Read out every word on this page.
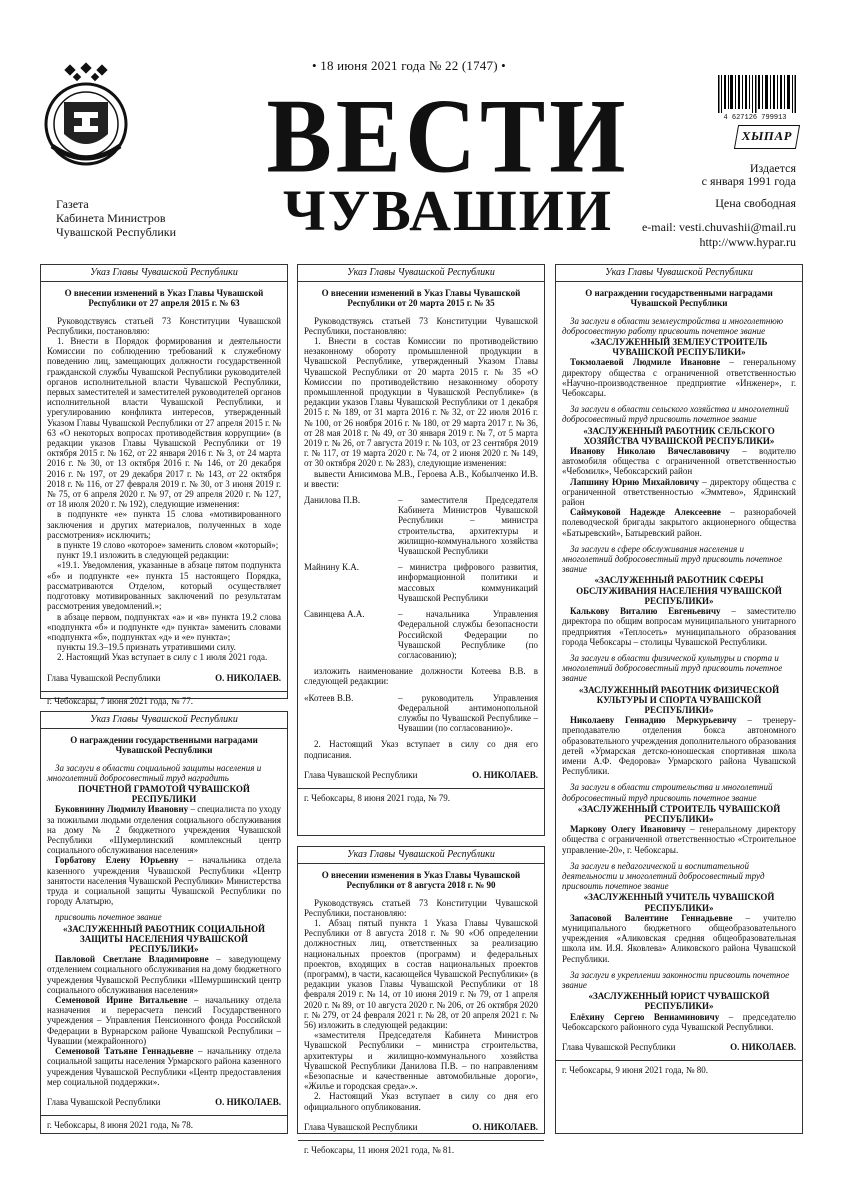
• 18 июня 2021 года № 22 (1747) •
ВЕСТИ
ЧУВАШИИ
Газета
Кабинета Министров
Чувашской Республики
4 627126 799913
ХЫПАР
Издается
с января 1991 года
Цена свободная
e-mail: vesti.chuvashii@mail.ru
http://www.hypar.ru
Указ Главы Чувашской Республики
О внесении изменений в Указ Главы Чувашской Республики от 27 апреля 2015 г. № 63

Руководствуясь статьей 73 Конституции Чувашской Республики, постановляю:

1. Внести в Порядок формирования и деятельности Комиссии по соблюдению требований к служебному поведению лиц, замещающих должности государственной гражданской службы Чувашской Республики руководителей органов исполнительной власти Чувашской Республики, первых заместителей и заместителей руководителей органов исполнительной власти Чувашской Республики, и урегулированию конфликта интересов, утвержденный Указом Главы Чувашской Республики от 27 апреля 2015 г. № 63 «О некоторых вопросах противодействия коррупции» (в редакции указов Главы Чувашской Республики от 19 октября 2015 г. № 162, от 22 января 2016 г. № 3, от 24 марта 2016 г. № 30, от 13 октября 2016 г. № 146, от 20 декабря 2016 г. № 197, от 29 декабря 2017 г. № 143, от 22 октября 2018 г. № 116, от 27 февраля 2019 г. № 30, от 3 июня 2019 г. № 75, от 6 апреля 2020 г. № 97, от 29 апреля 2020 г. № 127, от 18 июля 2020 г. № 192), следующие изменения:

в подпункте «е» пункта 15 слова «мотивированного заключения и других материалов, полученных в ходе рассмотрения» исключить;

в пункте 19 слово «которое» заменить словом «который»;

пункт 19.1 изложить в следующей редакции:

«19.1. Уведомления, указанные в абзаце пятом подпункта «б» и подпункте «е» пункта 15 настоящего Порядка, рассматриваются Отделом, который осуществляет подготовку мотивированных заключений по результатам рассмотрения уведомлений.»;

в абзаце первом, подпунктах «а» и «в» пункта 19.2 слова «подпункта «б» и подпункте «д» пункта» заменить словами «подпункта «б», подпунктах «д» и «е» пункта»;

пункты 19.3–19.5 признать утратившими силу.

2. Настоящий Указ вступает в силу с 1 июля 2021 года.

Глава Чувашской Республики	О. НИКОЛАЕВ.
г. Чебоксары, 7 июня 2021 года, № 77.
Указ Главы Чувашской Республики
О награждении государственными наградами Чувашской Республики

За заслуги в области социальной защиты населения и многолетний добросовестный труд наградить

ПОЧЕТНОЙ ГРАМОТОЙ ЧУВАШСКОЙ РЕСПУБЛИКИ

Буковнинну Людмилу Ивановну – специалиста по уходу за пожилыми людьми отделения социального обслуживания на дому № 2 бюджетного учреждения Чувашской Республики «Шумерлинский комплексный центр социального обслуживания населения»

Горбатову Елену Юрьевну – начальника отдела казенного учреждения Чувашской Республики «Центр занятости населения Чувашской Республики» Министерства труда и социальной защиты Чувашской Республики по городу Алатырю,

присвоить почетное звание

«ЗАСЛУЖЕННЫЙ РАБОТНИК СОЦИАЛЬНОЙ ЗАЩИТЫ НАСЕЛЕНИЯ ЧУВАШСКОЙ РЕСПУБЛИКИ»

Павловой Светлане Владимировне – заведующему отделением социального обслуживания на дому бюджетного учреждения Чувашской Республики «Шемуршинский центр социального обслуживания населения»

Семеновой Ирине Витальевне – начальнику отдела назначения и перерасчета пенсий Государственного учреждения – Управления Пенсионного фонда Российской Федерации в Вурнарском районе Чувашской Республики – Чувашии (межрайонного)

Семеновой Татьяне Геннадьевне – начальнику отдела социальной защиты населения Урмарского района казенного учреждения Чувашской Республики «Центр предоставления мер социальной поддержки».

Глава Чувашской Республики	О. НИКОЛАЕВ.
г. Чебоксары, 8 июня 2021 года, № 78.
Указ Главы Чувашской Республики
О внесении изменений в Указ Главы Чувашской Республики от 20 марта 2015 г. № 35

Руководствуясь статьей 73 Конституции Чувашской Республики, постановляю:

1. Внести в состав Комиссии по противодействию незаконному обороту промышленной продукции в Чувашской Республике, утвержденный Указом Главы Чувашской Республики от 20 марта 2015 г. № 35 «О Комиссии по противодействию незаконному обороту промышленной продукции в Чувашской Республике» (в редакции указов Главы Чувашской Республики от 1 декабря 2015 г. № 189, от 31 марта 2016 г. № 32, от 22 июля 2016 г. № 100, от 26 ноября 2016 г. № 180, от 29 марта 2017 г. № 36, от 28 мая 2018 г. № 49, от 30 января 2019 г. № 7, от 5 марта 2019 г. № 26, от 7 августа 2019 г. № 103, от 23 сентября 2019 г. № 117, от 19 марта 2020 г. № 74, от 2 июня 2020 г. № 149, от 30 октября 2020 г. № 283), следующие изменения:

вывести Анисимова М.В., Героева А.В., Кобылченко И.В. и ввести:

Данилова П.В.	– заместителя Председателя Кабинета Министров Чувашской Республики – министра строительства, архитектуры и жилищно-коммунального хозяйства Чувашской Республики
Майнину К.А.	– министра цифрового развития, информационной политики и массовых коммуникаций Чувашской Республики
Савинцева А.А.	– начальника Управления Федеральной службы безопасности Российской Федерации по Чувашской Республике (по согласованию);

изложить наименование должности Котеева В.В. в следующей редакции:

«Котеев В.В.	– руководитель Управления Федеральной антимонопольной службы по Чувашской Республике – Чувашии (по согласованию)».

2. Настоящий Указ вступает в силу со дня его подписания.

Глава Чувашской Республики	О. НИКОЛАЕВ.
г. Чебоксары, 8 июня 2021 года, № 79.
Указ Главы Чувашской Республики
О внесении изменения в Указ Главы Чувашской Республики от 8 августа 2018 г. № 90

Руководствуясь статьей 73 Конституции Чувашской Республики, постановляю:

1. Абзац пятый пункта 1 Указа Главы Чувашской Республики от 8 августа 2018 г. № 90 «Об определении должностных лиц, ответственных за реализацию национальных проектов (программ) и федеральных проектов, входящих в состав национальных проектов (программ), в части, касающейся Чувашской Республики» (в редакции указов Главы Чувашской Республики от 18 февраля 2019 г. № 14, от 10 июня 2019 г. № 79, от 1 апреля 2020 г. № 89, от 10 августа 2020 г. № 206, от 26 октября 2020 г. № 279, от 24 февраля 2021 г. № 28, от 20 апреля 2021 г. № 56) изложить в следующей редакции:

«заместителя Председателя Кабинета Министров Чувашской Республики – министра строительства, архитектуры и жилищно-коммунального хозяйства Чувашской Республики Данилова П.В. – по направлениям «Безопасные и качественные автомобильные дороги», «Жилье и городская среда».».

2. Настоящий Указ вступает в силу со дня его официального опубликования.

Глава Чувашской Республики	О. НИКОЛАЕВ.
г. Чебоксары, 11 июня 2021 года, № 81.
Указ Главы Чувашской Республики
О награждении государственными наградами Чувашской Республики

За заслуги в области землеустройства и многолетнюю добросовестную работу присвоить почетное звание

«ЗАСЛУЖЕННЫЙ ЗЕМЛЕУСТРОИТЕЛЬ ЧУВАШСКОЙ РЕСПУБЛИКИ»

Токмолаевой Людмиле Ивановне – генеральному директору общества с ограниченной ответственностью «Научно-производственное предприятие «Инженер», г. Чебоксары.

За заслуги в области сельского хозяйства и многолетний добросовестный труд присвоить почетное звание

«ЗАСЛУЖЕННЫЙ РАБОТНИК СЕЛЬСКОГО ХОЗЯЙСТВА ЧУВАШСКОЙ РЕСПУБЛИКИ»

Иванову Николаю Вячеславовичу – водителю автомобиля общества с ограниченной ответственностью «Чебомилк», Чебоксарский район

Лапшину Юрию Михайловичу – директору общества с ограниченной ответственностью «Эммтево», Ядринский район

Саймуковой Надежде Алексеевне – разнорабочей полеводческой бригады закрытого акционерного общества «Батыревский», Батыревский район.

За заслуги в сфере обслуживания населения и многолетний добросовестный труд присвоить почетное звание

«ЗАСЛУЖЕННЫЙ РАБОТНИК СФЕРЫ ОБСЛУЖИВАНИЯ НАСЕЛЕНИЯ ЧУВАШСКОЙ РЕСПУБЛИКИ»

Калькову Виталию Евгеньевичу – заместителю директора по общим вопросам муниципального унитарного предприятия «Теплосеть» муниципального образования города Чебоксары – столицы Чувашской Республики.

За заслуги в области физической культуры и спорта и многолетний добросовестный труд присвоить почетное звание

«ЗАСЛУЖЕННЫЙ РАБОТНИК ФИЗИЧЕСКОЙ КУЛЬТУРЫ И СПОРТА ЧУВАШСКОЙ РЕСПУБЛИКИ»

Николаеву Геннадию Меркурьевичу – тренеру-преподавателю отделения бокса автономного образовательного учреждения дополнительного образования детей «Урмарская детско-юношеская спортивная школа имени А.Ф. Федорова» Урмарского района Чувашской Республики.

За заслуги в области строительства и многолетний добросовестный труд присвоить почетное звание

«ЗАСЛУЖЕННЫЙ СТРОИТЕЛЬ ЧУВАШСКОЙ РЕСПУБЛИКИ»

Маркову Олегу Ивановичу – генеральному директору общества с ограниченной ответственностью «Строительное управление-20», г. Чебоксары.

За заслуги в педагогической и воспитательной деятельности и многолетний добросовестный труд присвоить почетное звание

«ЗАСЛУЖЕННЫЙ УЧИТЕЛЬ ЧУВАШСКОЙ РЕСПУБЛИКИ»

Запасовой Валентине Геннадьевне – учителю муниципального бюджетного общеобразовательного учреждения «Аликовская средняя общеобразовательная школа им. И.Я. Яковлева» Аликовского района Чувашской Республики.

За заслуги в укреплении законности присвоить почетное звание

«ЗАСЛУЖЕННЫЙ ЮРИСТ ЧУВАШСКОЙ РЕСПУБЛИКИ»

Елёхину Сергею Вениаминовичу – председателю Чебоксарского районного суда Чувашской Республики.

Глава Чувашской Республики	О. НИКОЛАЕВ.
г. Чебоксары, 9 июня 2021 года, № 80.
